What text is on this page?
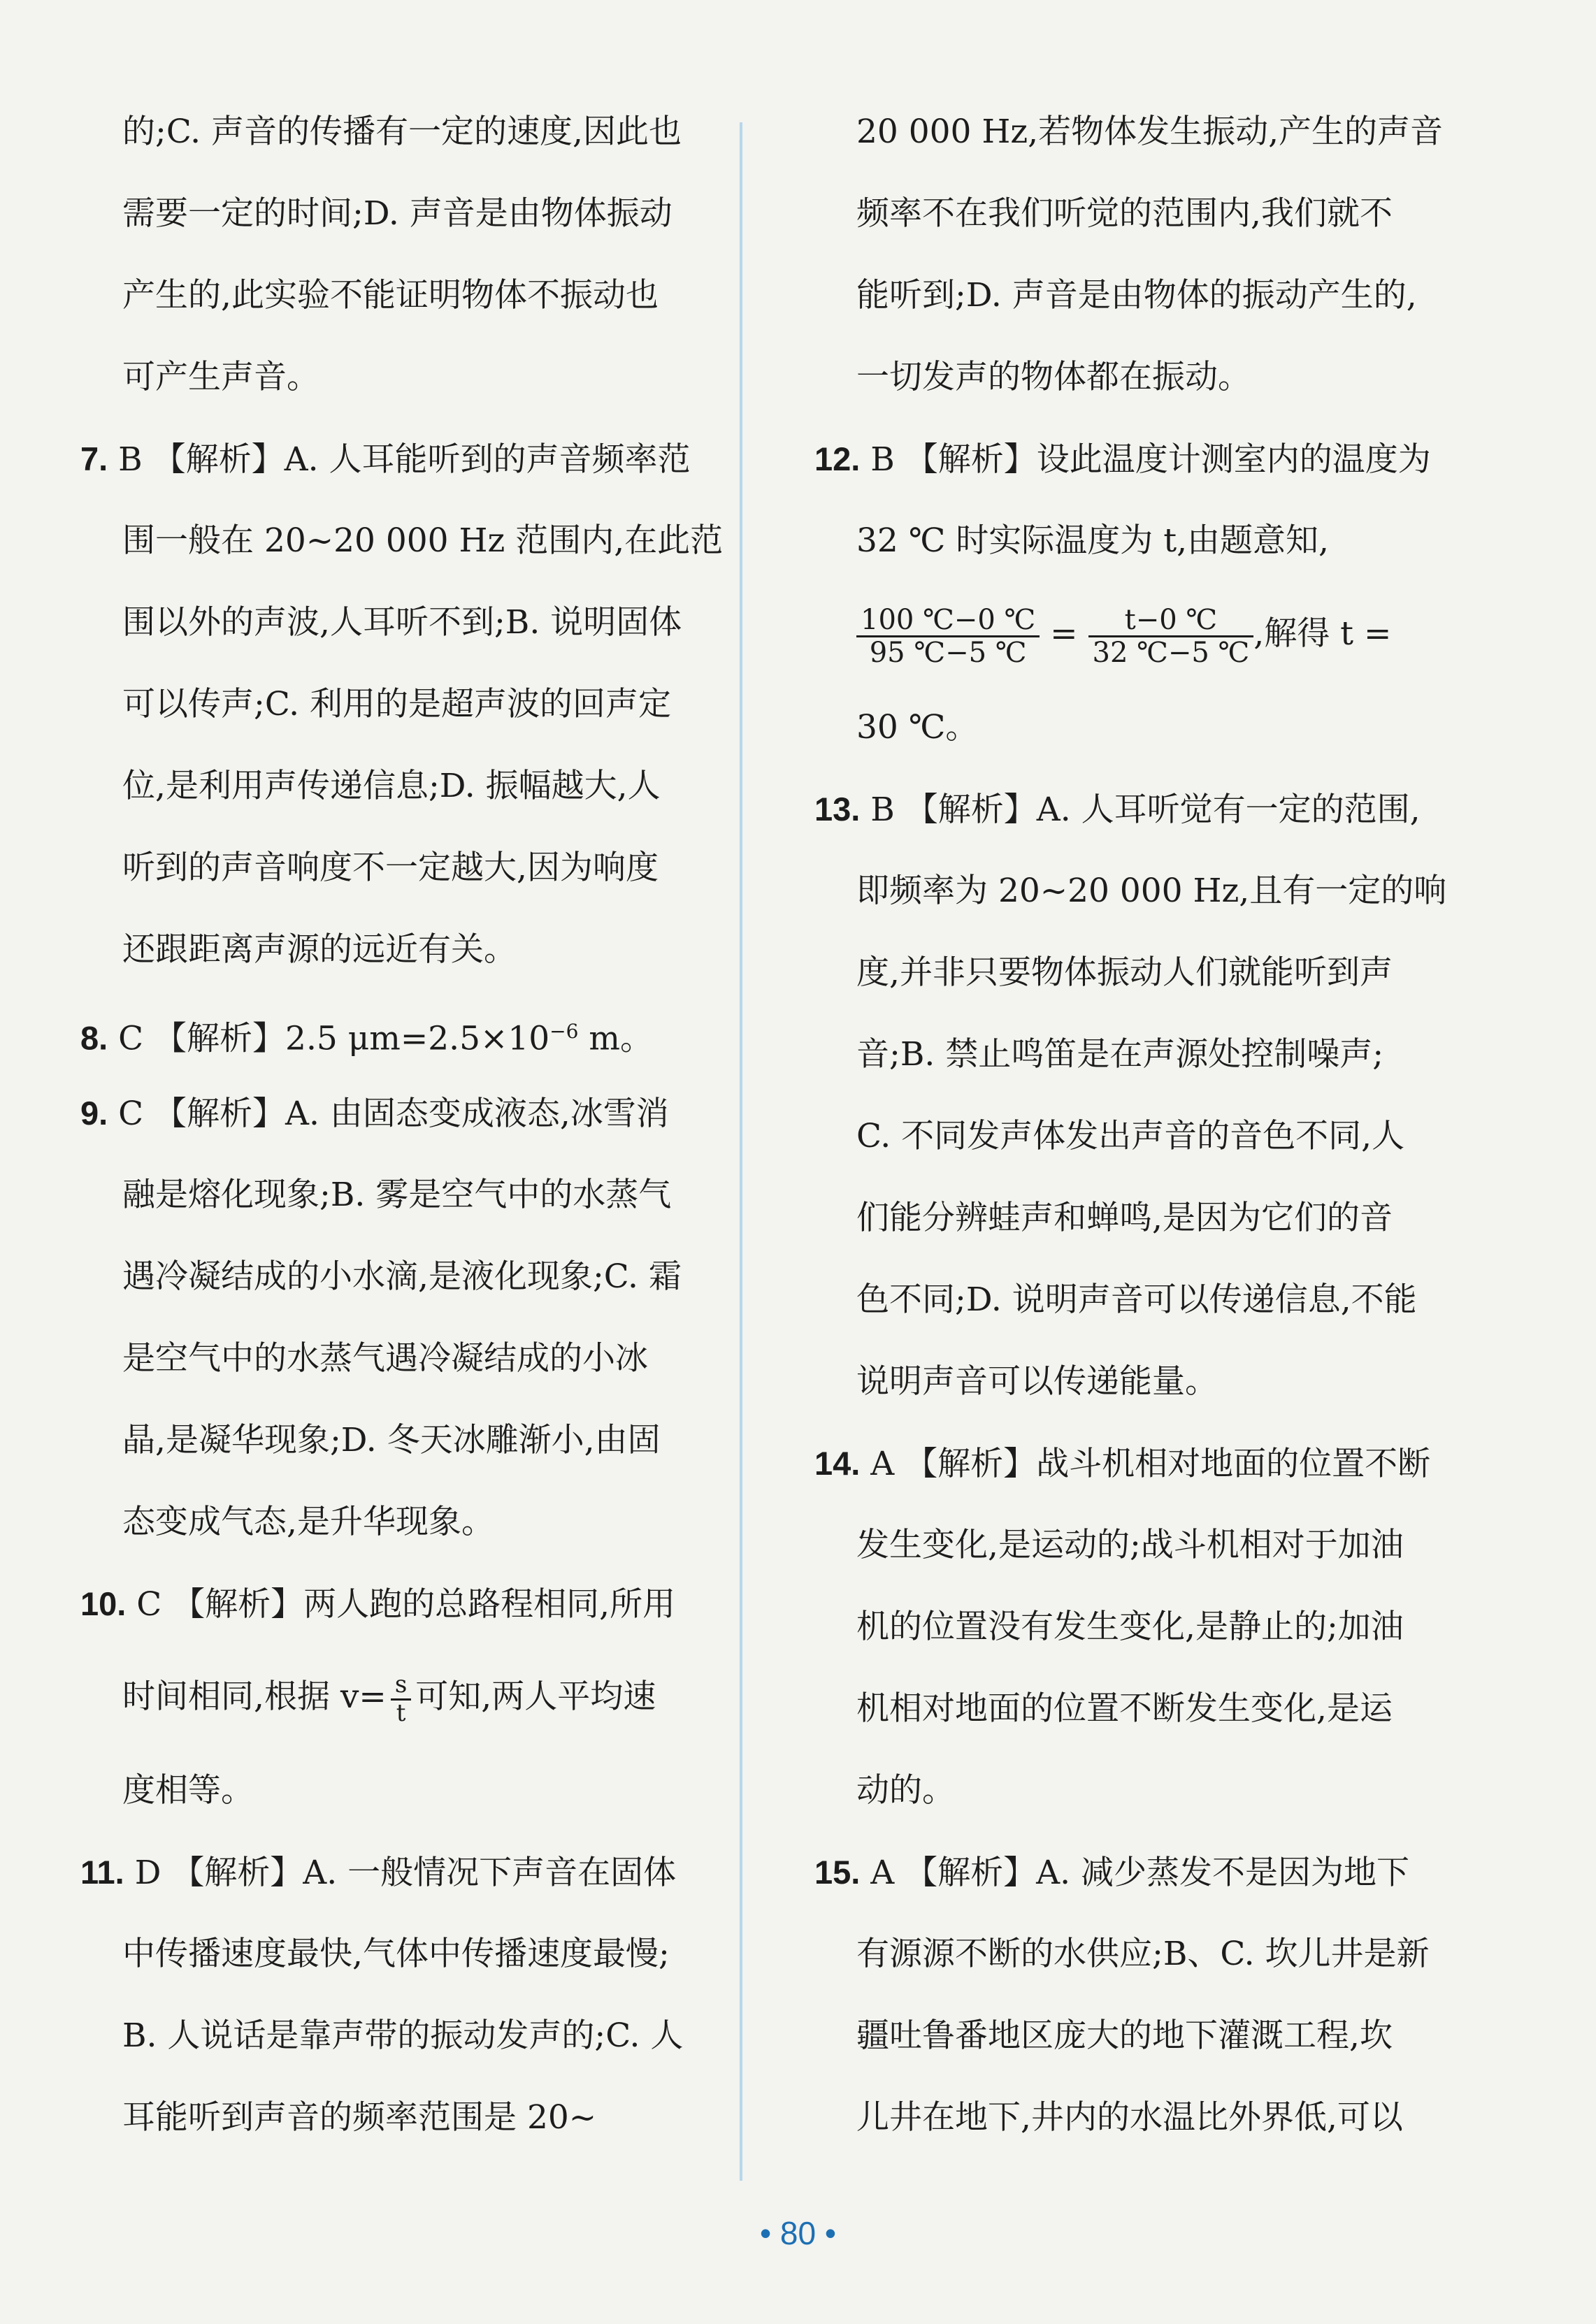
的;C. 声音的传播有一定的速度,因此也
需要一定的时间;D. 声音是由物体振动
产生的,此实验不能证明物体不振动也
可产生声音。
7. B 【解析】A. 人耳能听到的声音频率范
围一般在 20~20 000 Hz 范围内,在此范
围以外的声波,人耳听不到;B. 说明固体
可以传声;C. 利用的是超声波的回声定
位,是利用声传递信息;D. 振幅越大,人
听到的声音响度不一定越大,因为响度
还跟距离声源的远近有关。
8. C 【解析】2.5 $\mu m=2.5\times 10^{-6}$ m。
9. C 【解析】A. 由固态变成液态,冰雪消
融是熔化现象;B. 雾是空气中的水蒸气
遇冷凝结成的小水滴,是液化现象;C. 霜
是空气中的水蒸气遇冷凝结成的小冰
晶,是凝华现象;D. 冬天冰雕渐小,由固
态变成气态,是升华现象。
10. C 【解析】两人跑的总路程相同,所用
时间相同,根据 $v= \frac{s}{t}$ 可知,两人平均速
度相等。
11. D 【解析】A. 一般情况下声音在固体
中传播速度最快,气体中传播速度最慢;
B. 人说话是靠声带的振动发声的;C. 人
耳能听到声音的频率范围是 20~
20 000 Hz,若物体发生振动,产生的声音
频率不在我们听觉的范围内,我们就不
能听到;D. 声音是由物体的振动产生的,
一切发声的物体都在振动。
12. B 【解析】设此温度计测室内的温度为
32 ℃ 时实际温度为 t,由题意知,
$\frac{100 ℃-0 ℃}{95 ℃-5 ℃} = \frac{t-0 ℃}{32 ℃-5 ℃}$ ,解得 t =
30 ℃。
13. B 【解析】A. 人耳听觉有一定的范围,
即频率为 20~20 000 Hz,且有一定的响
度,并非只要物体振动人们就能听到声
音;B. 禁止鸣笛是在声源处控制噪声;
C. 不同发声体发出声音的音色不同,人
们能分辨蛙声和蝉鸣,是因为它们的音
色不同;D. 说明声音可以传递信息,不能
说明声音可以传递能量。
14. A 【解析】战斗机相对地面的位置不断
发生变化,是运动的;战斗机相对于加油
机的位置没有发生变化,是静止的;加油
机相对地面的位置不断发生变化,是运
动的。
15. A 【解析】A. 减少蒸发不是因为地下
有源源不断的水供应;B、C. 坎儿井是新
疆吐鲁番地区庞大的地下灌溉工程,坎
儿井在地下,井内的水温比外界低,可以
• 80 •
